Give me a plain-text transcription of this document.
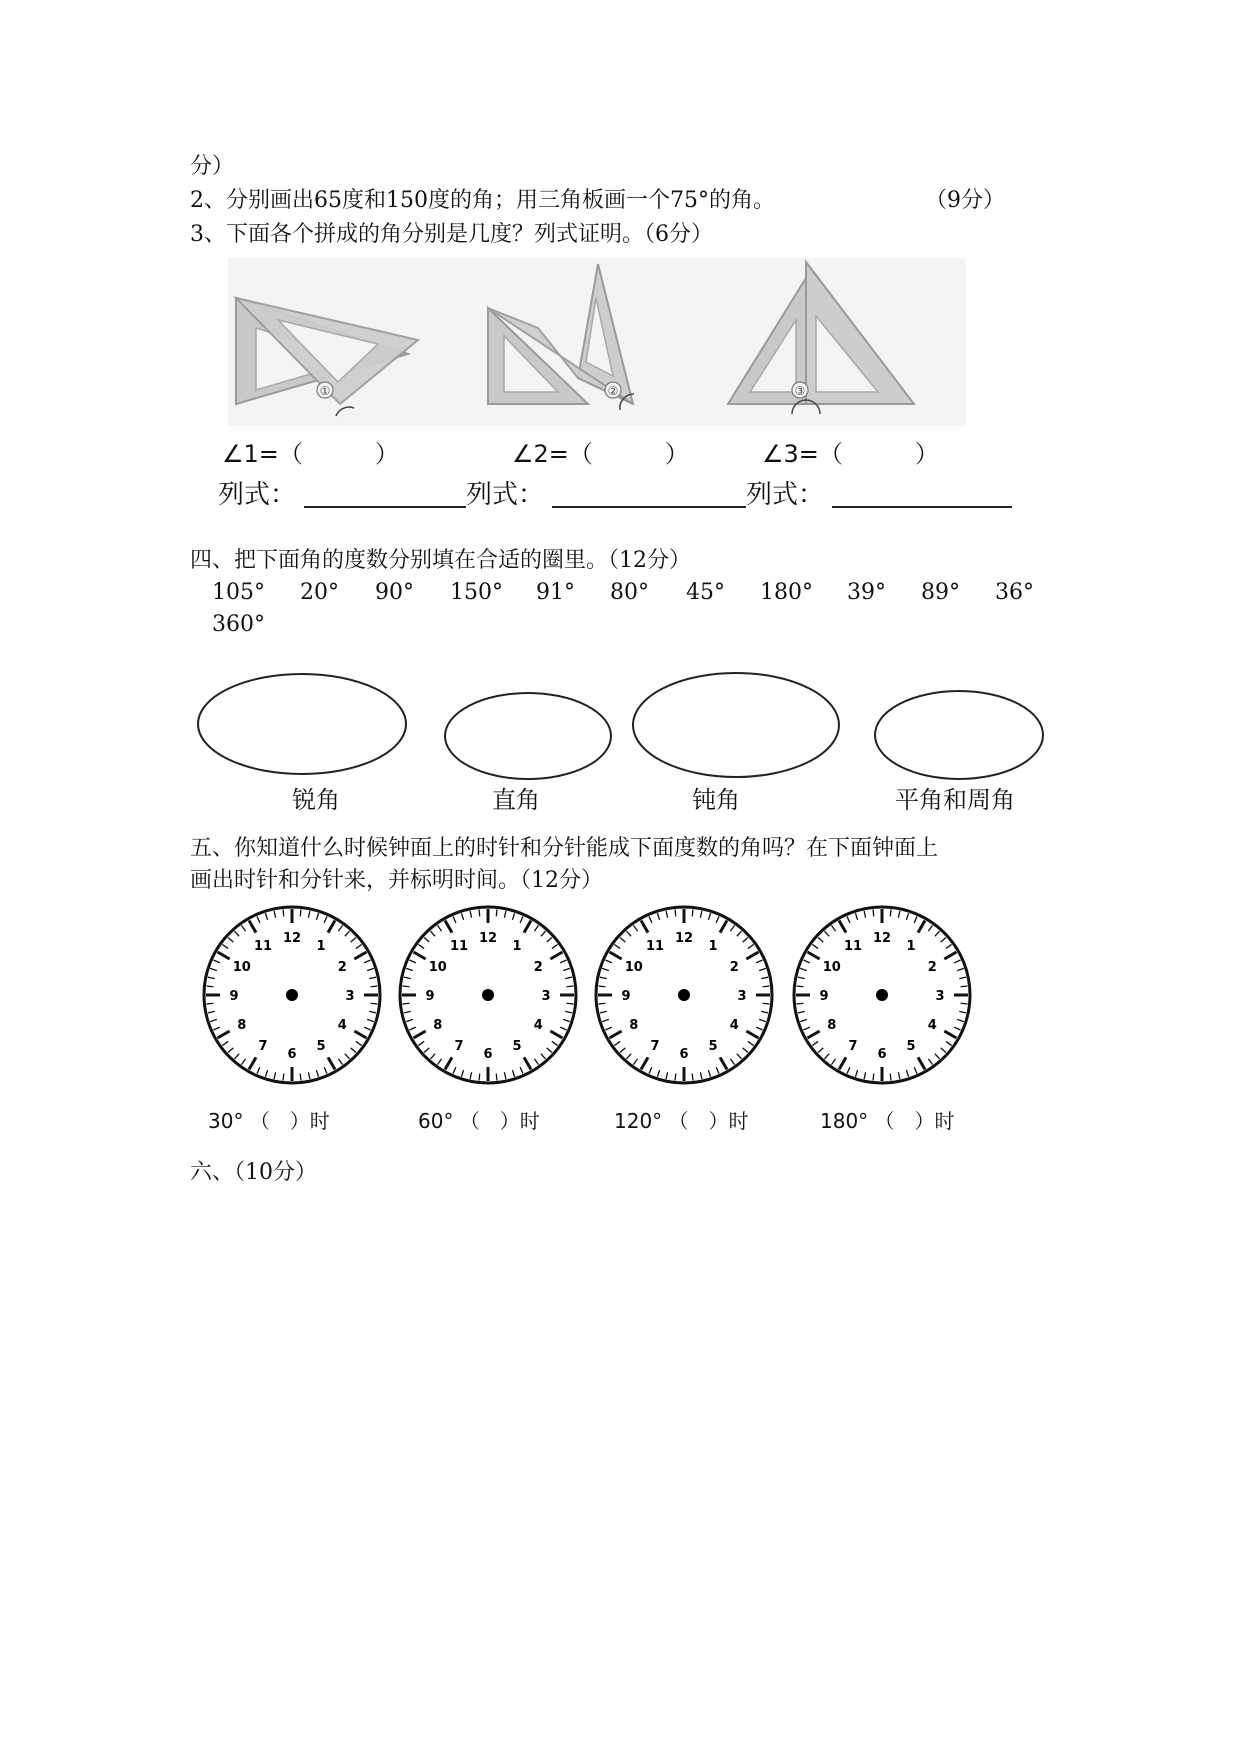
分）
2、分别画出65度和150度的角；用三角板画一个75°的角。	（9分）
3、下面各个拼成的角分别是几度？列式证明。（6分）
①	②	③
∠1=（　　　）	∠2=（　　　）	∠3=（　　　）
列式：	列式：	列式：
四、把下面角的度数分别填在合适的圈里。（12分）
105° 20° 90° 150° 91° 80° 45° 180° 39° 89° 36°
360°
锐角	直角	钝角	平角和周角
五、你知道什么时候钟面上的时针和分针能成下面度数的角吗？在下面钟面上
画出时针和分针来，并标明时间。（12分）
12
1
2
3
4
5
6
7
8
9
10
11
12
1
2
3
4
5
6
7
8
9
10
11
12
1
2
3
4
5
6
7
8
9
10
11
12
1
2
3
4
5
6
7
8
9
10
11
30° （　）时	60° （　）时	120° （　）时	180° （　）时
六、（10分）
